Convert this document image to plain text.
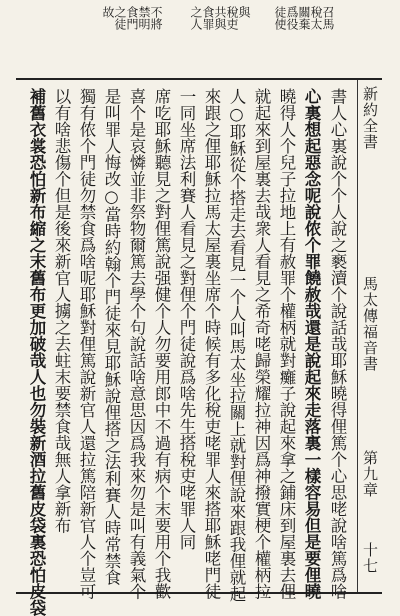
召馬
稅太
關棄
爲役
徒使
與
稅吏
共與
食罪
之人
不將
禁明
食門
之徒
故
新約全書
馬太傳福音書
第九章
十七
書人心裏說个个人說之褻瀆个說話哉耶穌曉得俚篤个心思咾說啥篤爲啥
心裏想起惡念呢說侬个罪饒赦哉還是說起來走落裏一樣容易但是要俚曉
曉得人个兒子拉地上有赦罪个權柄就對癱子說起來拿之鋪床到屋裏去俚
就起來到屋裏去哉衆人看見之希奇咾歸榮耀拉神因爲神撥實梗个權柄拉
人○耶穌從个搭走去看見一个人叫馬太坐拉關上就對俚說來跟我俚就起
來跟之俚耶穌拉馬太屋裏坐席个時候有多化稅吏咾罪人來搭耶穌咾門徒
一同坐席法利賽人看見之對俚个門徒說爲啥先生搭稅吏咾罪人同
席吃耶穌聽見之對俚篤說强健个人勿要用郎中不過有病个末要用个我歡
喜个是哀憐並非祭物爾篤去學个句說話啥意思因爲我來勿是叫有義氣个
是叫罪人悔改○當時約翰个門徒來見耶穌說俚搭之法利賽人時常禁食
獨有侬个門徒勿禁食爲啥呢耶穌對俚篤說新官人還拉篤陪新官人个豈可
以有啥悲傷个但是後來新官人擄之去蛀末要禁食哉無人拿新布
補舊衣裳恐怕新布縮之末舊布更加破哉人也勿裝新酒拉舊皮袋裏恐怕皮袋
